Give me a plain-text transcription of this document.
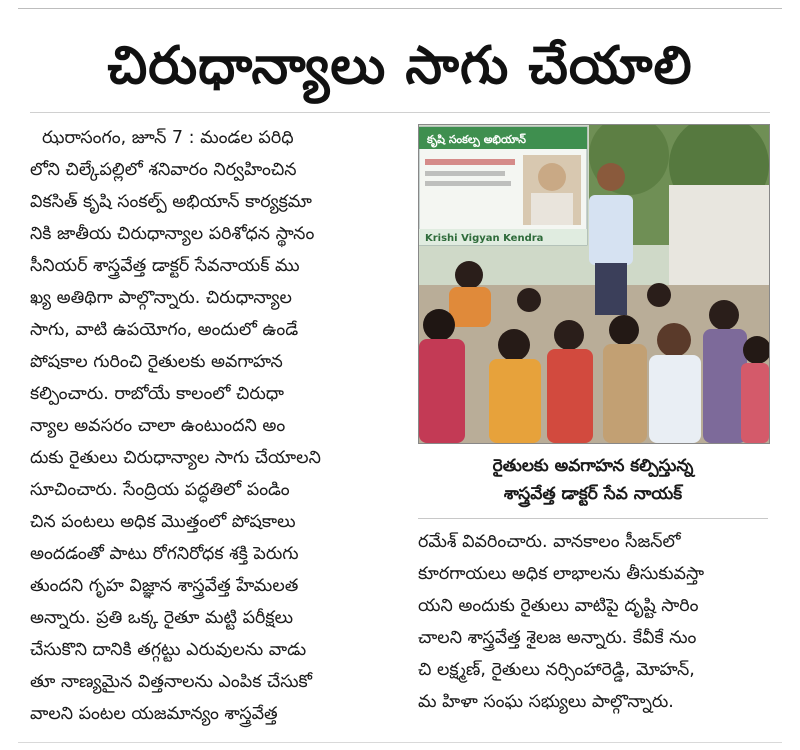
చిరుధాన్యాలు సాగు చేయాలి
ఝరాసంగం, జూన్ 7 : మండల పరిధి
లోని చిల్కేపల్లిలో శనివారం నిర్వహించిన
వికసిత్ కృషి సంకల్ప్ అభియాన్ కార్యక్రమా
నికి జాతీయ చిరుధాన్యాల పరిశోధన స్థానం
సీనియర్ శాస్త్రవేత్త డాక్టర్ సేవనాయక్ ము
ఖ్య అతిథిగా పాల్గొన్నారు. చిరుధాన్యాల
సాగు, వాటి ఉపయోగం, అందులో ఉండే
పోషకాల గురించి రైతులకు అవగాహన
కల్పించారు. రాబోయే కాలంలో చిరుధా
న్యాల అవసరం చాలా ఉంటుందని అం
దుకు రైతులు చిరుధాన్యాల సాగు చేయాలని
సూచించారు. సేంద్రియ పద్ధతిలో పండిం
చిన పంటలు అధిక మొత్తంలో పోషకాలు
అందడంతో పాటు రోగనిరోధక శక్తి పెరుగు
తుందని గృహ విజ్ఞాన శాస్త్రవేత్త హేమలత
అన్నారు. ప్రతి ఒక్క రైతూ మట్టి పరీక్షలు
చేసుకొని దానికి తగ్గట్టు ఎరువులను వాడు
తూ నాణ్యమైన విత్తనాలను ఎంపిక చేసుకో
వాలని పంటల యజమాన్యం శాస్త్రవేత్త
కృషి సంకల్ప అభియాన్
Krishi Vigyan Kendra
రైతులకు అవగాహన కల్పిస్తున్న
శాస్త్రవేత్త డాక్టర్ సేవ నాయక్
రమేశ్ వివరించారు. వానకాలం సీజన్‌లో
కూరగాయలు అధిక లాభాలను తీసుకువస్తా
యని అందుకు రైతులు వాటిపై దృష్టి సారిం
చాలని శాస్త్రవేత్త శైలజ అన్నారు. కేవీకే నుం
చి లక్ష్మణ్, రైతులు నర్సింహారెడ్డి, మోహన్,
మ హిళా సంఘ సభ్యులు పాల్గొన్నారు.
